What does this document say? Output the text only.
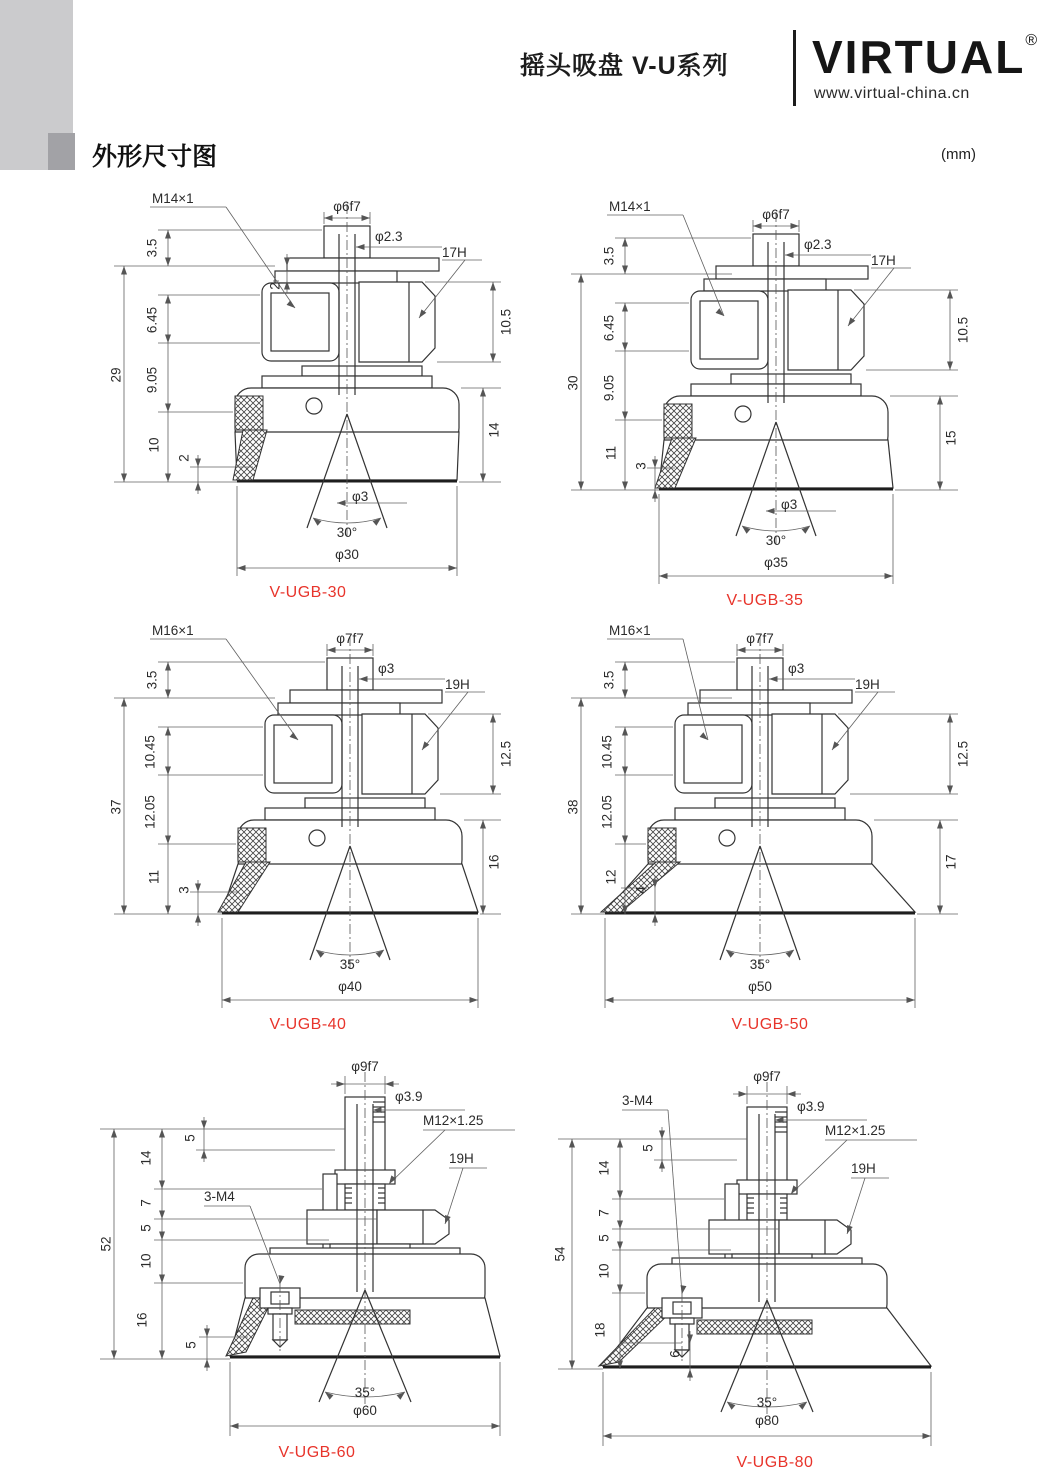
摇头吸盘 V-U系列 VIRTUAL®
www.virtual-china.cn
外形尺寸图	(mm)
M14×1
φ6f7
φ2.3
17H
3.5
2
6.45
9.05
10
29
10.5
14
2
φ3
30°
φ30
V-UGB-30
M14×1
φ6f7
φ2.3
17H
3.5
6.45
9.05
11
30
10.5
15
3
φ3
30°
φ35
V-UGB-35
M16×1
φ7f7
φ3
19H
3.5
10.45
12.05
11
37
12.5
16
3
35°
φ40
V-UGB-40
M16×1
φ7f7
φ3
19H
3.5
10.45
12.05
12
38
12.5
17
4
35°
φ50
V-UGB-50
φ9f7
φ3.9
M12×1.25
19H
3-M4
5
14
7
5
10
16
5
52
35°
φ60
V-UGB-60
φ9f7
φ3.9
M12×1.25
19H
3-M4
5
14
7
5
10
18
6
54
35°
φ80
V-UGB-80
